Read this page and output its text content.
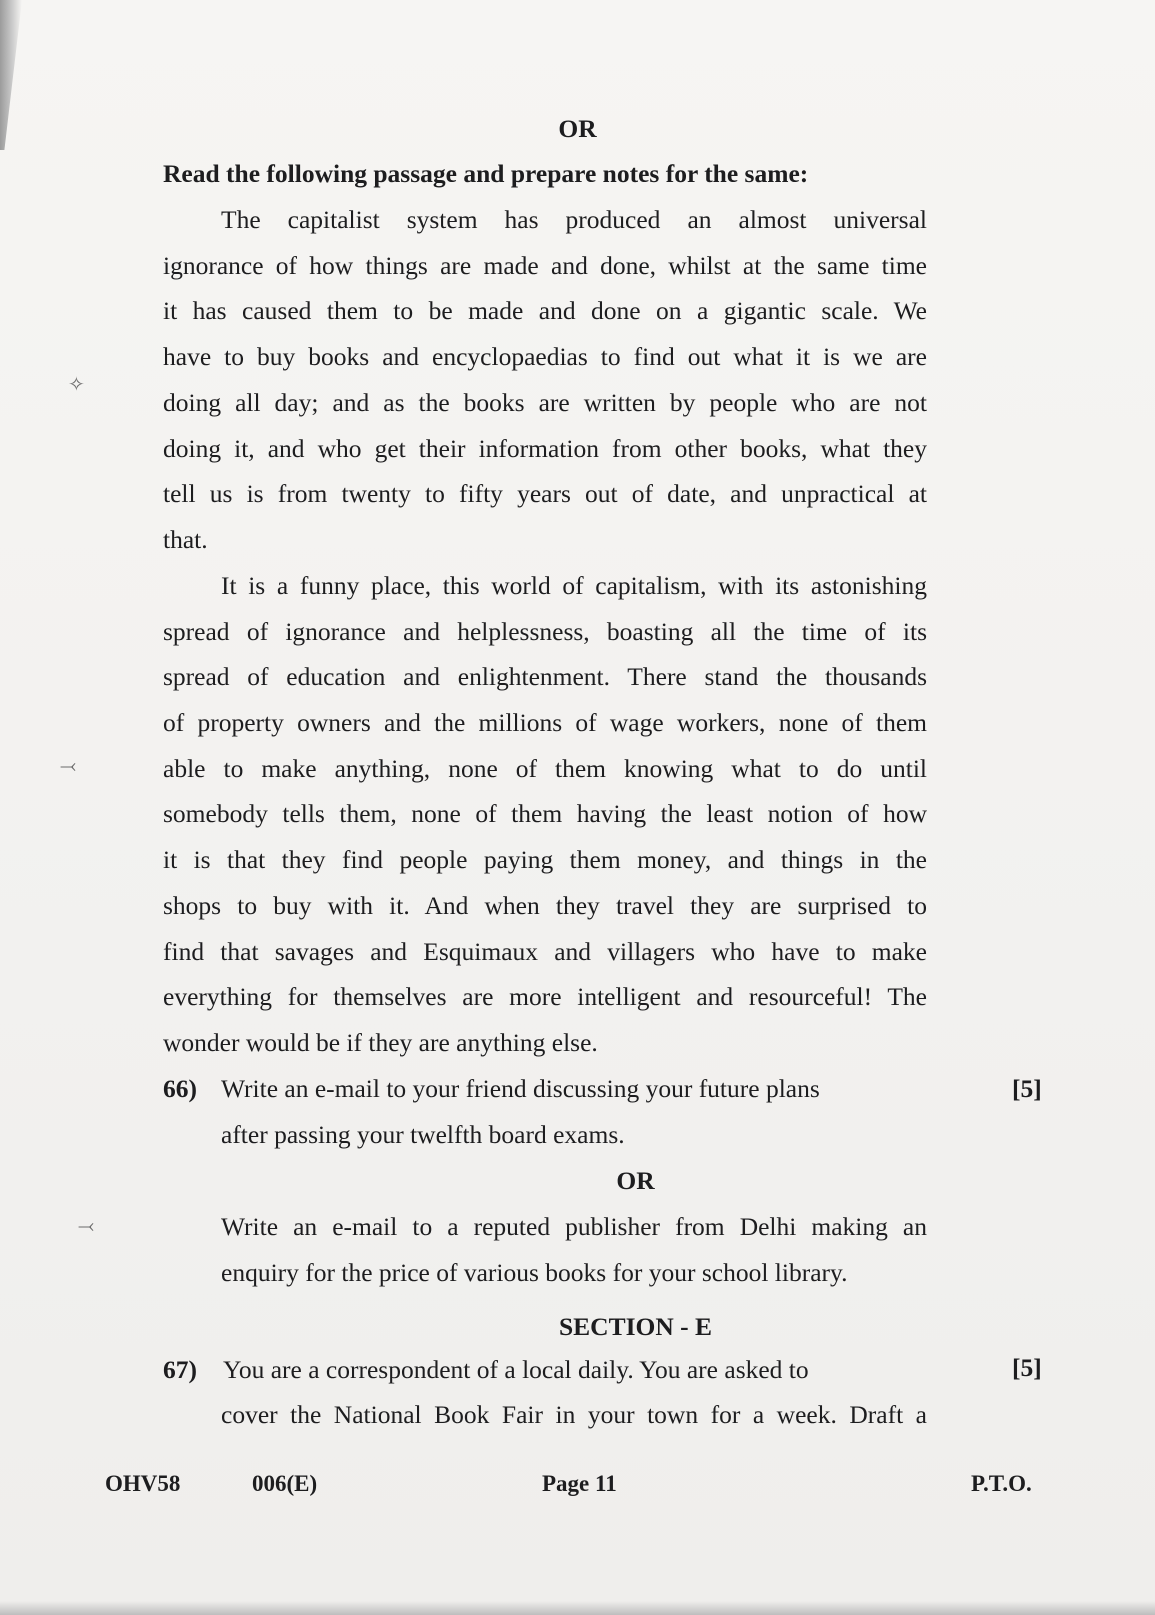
✧
⤙
⤙
OR
Read the following passage and prepare notes for the same:
The capitalist system has produced an almost universal
ignorance of how things are made and done, whilst at the same time
it has caused them to be made and done on a gigantic scale. We
have to buy books and encyclopaedias to find out what it is we are
doing all day; and as the books are written by people who are not
doing it, and who get their information from other books, what they
tell us is from twenty to fifty years out of date, and unpractical at
that.
It is a funny place, this world of capitalism, with its astonishing
spread of ignorance and helplessness, boasting all the time of its
spread of education and enlightenment. There stand the thousands
of property owners and the millions of wage workers, none of them
able to make anything, none of them knowing what to do until
somebody tells them, none of them having the least notion of how
it is that they find people paying them money, and things in the
shops to buy with it. And when they travel they are surprised to
find that savages and Esquimaux and villagers who have to make
everything for themselves are more intelligent and resourceful! The
wonder would be if they are anything else.
66) Write an e-mail to your friend discussing your future plans	[5]
after passing your twelfth board exams.
OR
Write an e-mail to a reputed publisher from Delhi making an
enquiry for the price of various books for your school library.
SECTION - E
67) You are a correspondent of a local daily. You are asked to	[5]
cover the National Book Fair in your town for a week. Draft a
OHV58	006(E)	Page 11	P.T.O.
